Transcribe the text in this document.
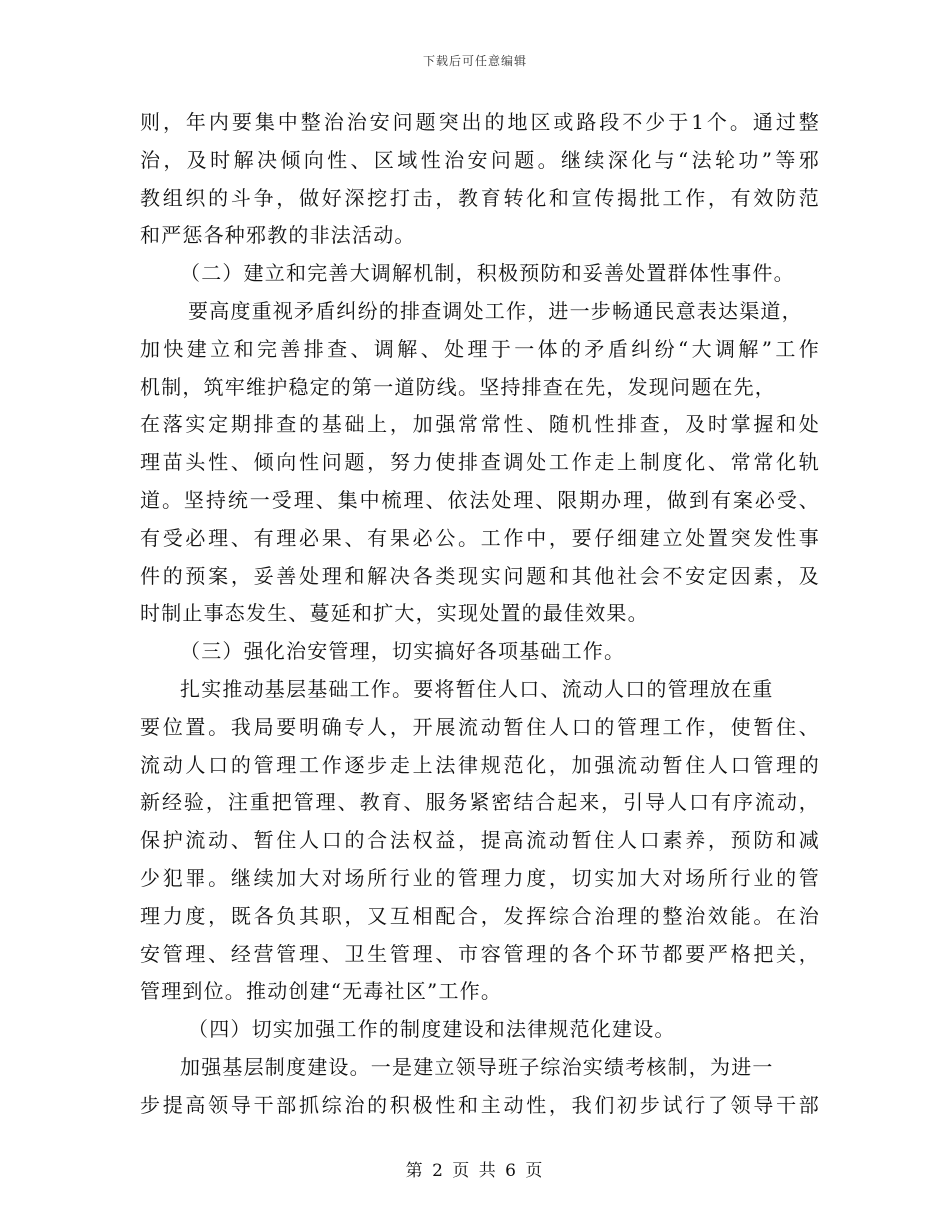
下载后可任意编辑
则，年内要集中整治治安问题突出的地区或路段不少于1个。通过整
治，及时解决倾向性、区域性治安问题。继续深化与“法轮功”等邪
教组织的斗争，做好深挖打击，教育转化和宣传揭批工作，有效防范
和严惩各种邪教的非法活动。
（二）建立和完善大调解机制，积极预防和妥善处置群体性事件。
要高度重视矛盾纠纷的排查调处工作，进一步畅通民意表达渠道，
加快建立和完善排查、调解、处理于一体的矛盾纠纷“大调解”工作
机制，筑牢维护稳定的第一道防线。坚持排查在先，发现问题在先，
在落实定期排查的基础上，加强常常性、随机性排查，及时掌握和处
理苗头性、倾向性问题，努力使排查调处工作走上制度化、常常化轨
道。坚持统一受理、集中梳理、依法处理、限期办理，做到有案必受、
有受必理、有理必果、有果必公。工作中，要仔细建立处置突发性事
件的预案，妥善处理和解决各类现实问题和其他社会不安定因素，及
时制止事态发生、蔓延和扩大，实现处置的最佳效果。
（三）强化治安管理，切实搞好各项基础工作。
扎实推动基层基础工作。要将暂住人口、流动人口的管理放在重
要位置。我局要明确专人，开展流动暂住人口的管理工作，使暂住、
流动人口的管理工作逐步走上法律规范化，加强流动暂住人口管理的
新经验，注重把管理、教育、服务紧密结合起来，引导人口有序流动，
保护流动、暂住人口的合法权益，提高流动暂住人口素养，预防和减
少犯罪。继续加大对场所行业的管理力度，切实加大对场所行业的管
理力度，既各负其职，又互相配合，发挥综合治理的整治效能。在治
安管理、经营管理、卫生管理、市容管理的各个环节都要严格把关，
管理到位。推动创建“无毒社区”工作。
（四）切实加强工作的制度建设和法律规范化建设。
加强基层制度建设。一是建立领导班子综治实绩考核制，为进一
步提高领导干部抓综治的积极性和主动性，我们初步试行了领导干部
第 2 页 共 6 页
